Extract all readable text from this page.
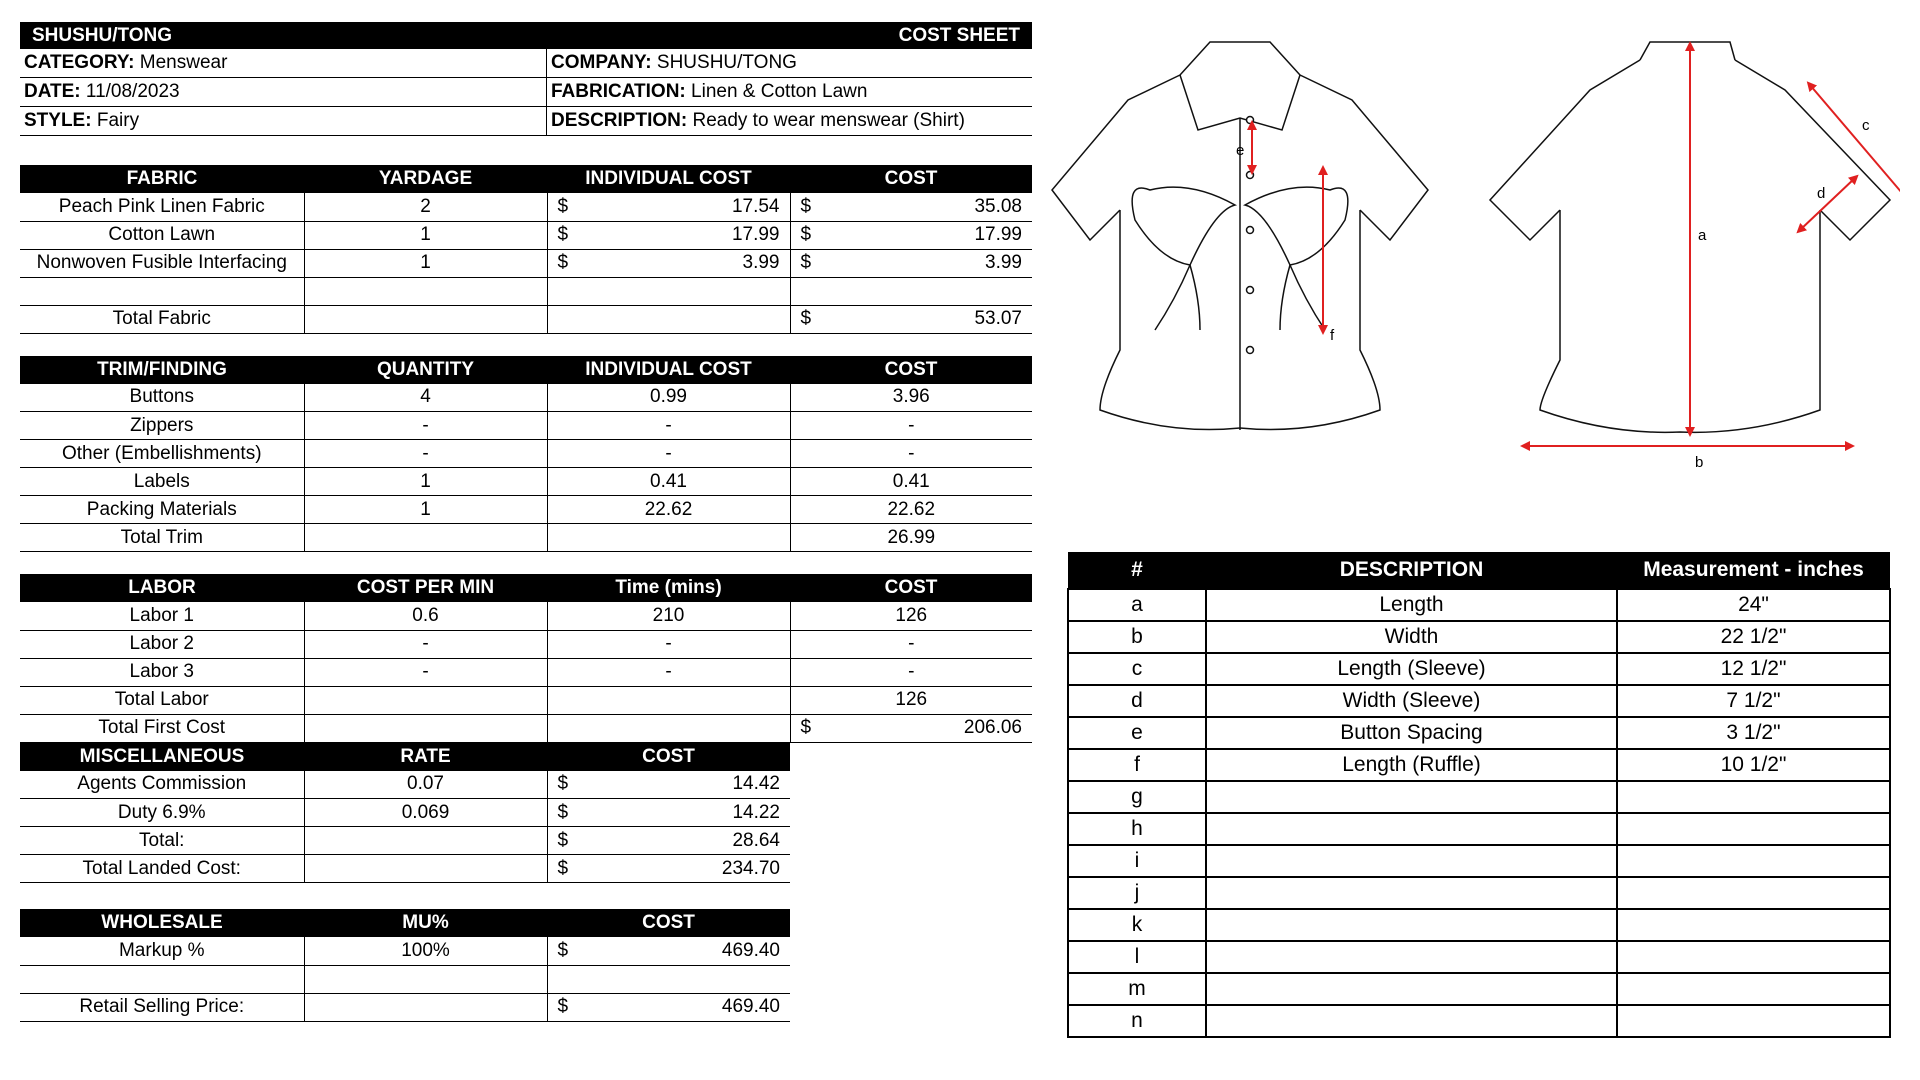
SHUSHU/TONG	COST SHEET
CATEGORY: Menswear	COMPANY: SHUSHU/TONG
DATE: 11/08/2023	FABRICATION: Linen & Cotton Lawn
STYLE: Fairy	DESCRIPTION: Ready to wear menswear (Shirt)
FABRIC	YARDAGE	INDIVIDUAL COST	COST
Peach Pink Linen Fabric	2	$ 17.54	$ 35.08

Cotton Lawn	1	$ 17.99	$ 17.99

Nonwoven Fusible Interfacing	1	$ 3.99	$ 3.99

Total Fabric			$ 53.07
TRIM/FINDING	QUANTITY	INDIVIDUAL COST	COST
Buttons	4	0.99	3.96
Zippers	-	-	-
Other (Embellishments)	-	-	-
Labels	1	0.41	0.41
Packing Materials	1	22.62	22.62
Total Trim			26.99
LABOR	COST PER MIN	Time (mins)	COST
Labor 1	0.6	210	126
Labor 2	-	-	-
Labor 3	-	-	-
Total Labor			126
Total First Cost			$ 206.06
MISCELLANEOUS	RATE	COST
Agents Commission	0.07	$ 14.42

Duty 6.9%	0.069	$ 14.22

Total:		$ 28.64

Total Landed Cost:		$ 234.70
WHOLESALE	MU%	COST
Markup %	100%	$ 469.40

Retail Selling Price:		$ 469.40
e
f
a
b
c
d
#	DESCRIPTION	Measurement - inches
a	Length	24"
b	Width	22 1/2"
c	Length (Sleeve)	12 1/2"
d	Width (Sleeve)	7 1/2"
e	Button Spacing	3 1/2"
f	Length (Ruffle)	10 1/2"
g		
h		
i		
j		
k		
l		
m		
n		
